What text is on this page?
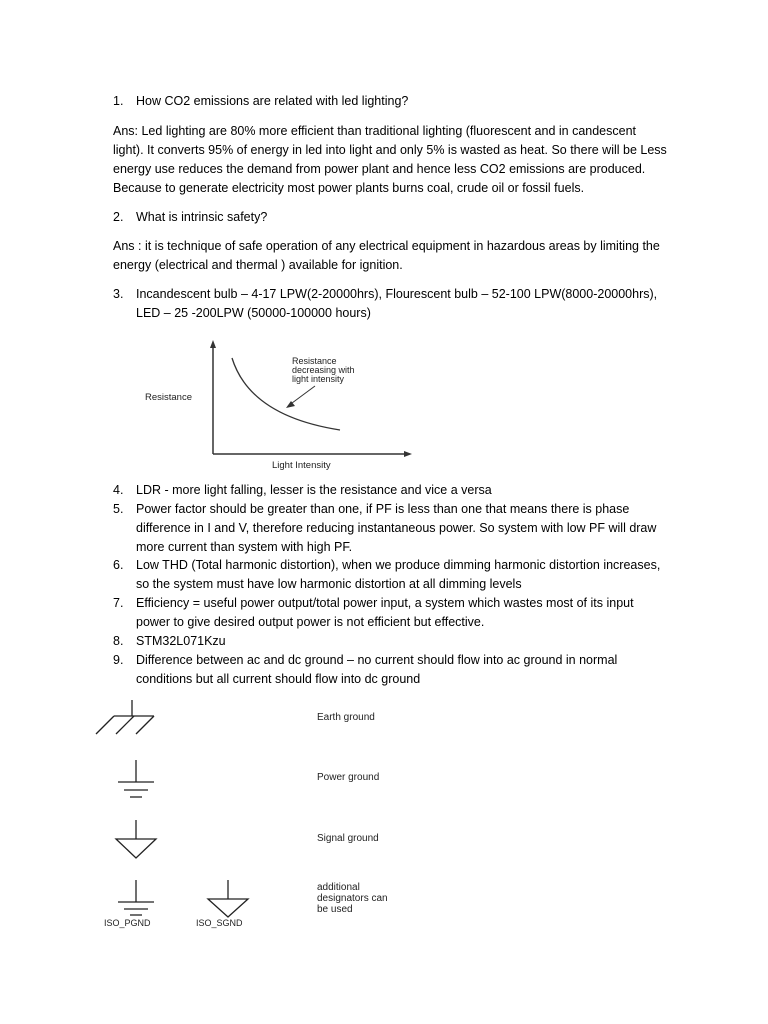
1.	How CO2 emissions are related with led lighting?
Ans: Led lighting are 80% more efficient than traditional lighting (fluorescent and in candescent
light). It converts 95% of energy in led into light and only 5% is wasted as heat. So there will be Less
energy use reduces the demand from power plant and hence less CO2 emissions are produced.
Because to generate electricity most power plants burns coal, crude oil or fossil fuels.
2.	What is intrinsic safety?
Ans : it is technique of safe operation of any electrical equipment in hazardous areas by limiting the
energy (electrical and thermal ) available for ignition.
3.	Incandescent bulb – 4-17 LPW(2-20000hrs), Flourescent bulb – 52-100 LPW(8000-20000hrs),
LED – 25 -200LPW (50000-100000 hours)
Resistance
Light Intensity
Resistance
decreasing with
light intensity
4.	LDR - more light falling, lesser is the resistance and vice a versa
5.	Power factor should be greater than one, if PF is less than one that means there is phase
difference in I and V, therefore reducing instantaneous power. So system with low PF will draw
more current than system with high PF.
6.	Low THD (Total harmonic distortion), when we produce dimming harmonic distortion increases,
so the system must have low harmonic distortion at all dimming levels
7.	Efficiency = useful power output/total power input, a system which wastes most of its input
power to give desired output power is not efficient but effective.
8.	STM32L071Kzu
9.	Difference between ac and dc ground – no current should flow into ac ground in normal
conditions but all current should flow into dc ground
Earth ground
Power ground
Signal ground
ISO_PGND	ISO_SGND
additional
designators can
be used
